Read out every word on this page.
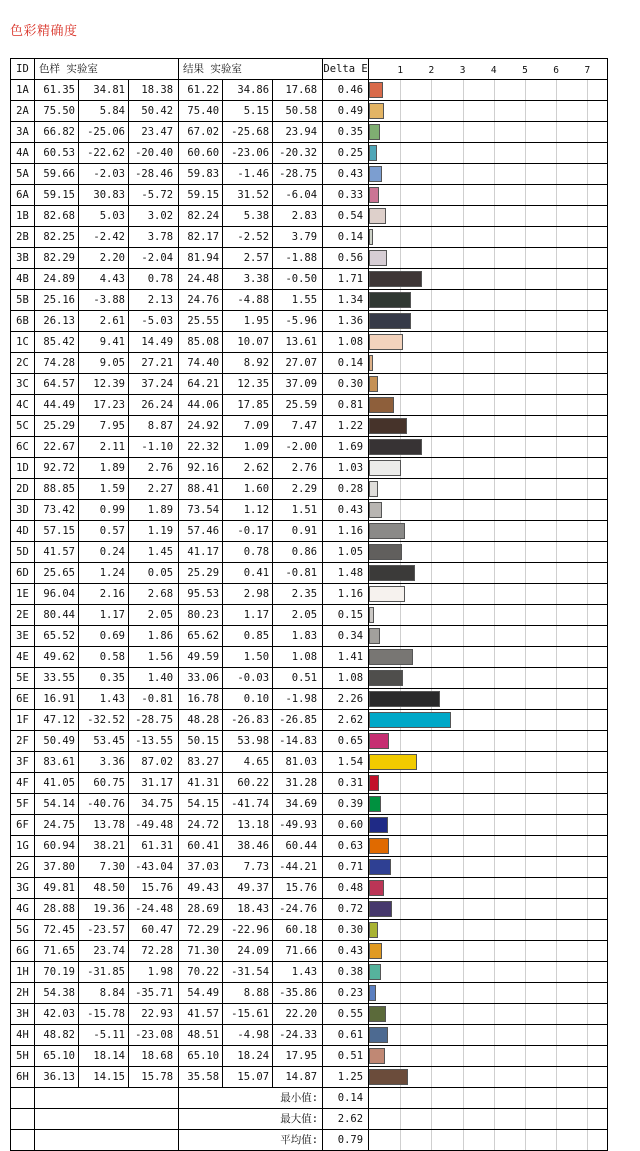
色彩精确度
ID	色样 实验室	结果 实验室	Delta E	1	2	3	4	5	6	7

1A	61.35	34.81	18.38	61.22	34.86	17.68	0.46	

2A	75.50	5.84	50.42	75.40	5.15	50.58	0.49	

3A	66.82	-25.06	23.47	67.02	-25.68	23.94	0.35	

4A	60.53	-22.62	-20.40	60.60	-23.06	-20.32	0.25	

5A	59.66	-2.03	-28.46	59.83	-1.46	-28.75	0.43	

6A	59.15	30.83	-5.72	59.15	31.52	-6.04	0.33	

1B	82.68	5.03	3.02	82.24	5.38	2.83	0.54	

2B	82.25	-2.42	3.78	82.17	-2.52	3.79	0.14	

3B	82.29	2.20	-2.04	81.94	2.57	-1.88	0.56	

4B	24.89	4.43	0.78	24.48	3.38	-0.50	1.71	

5B	25.16	-3.88	2.13	24.76	-4.88	1.55	1.34	

6B	26.13	2.61	-5.03	25.55	1.95	-5.96	1.36	

1C	85.42	9.41	14.49	85.08	10.07	13.61	1.08	

2C	74.28	9.05	27.21	74.40	8.92	27.07	0.14	

3C	64.57	12.39	37.24	64.21	12.35	37.09	0.30	

4C	44.49	17.23	26.24	44.06	17.85	25.59	0.81	

5C	25.29	7.95	8.87	24.92	7.09	7.47	1.22	

6C	22.67	2.11	-1.10	22.32	1.09	-2.00	1.69	

1D	92.72	1.89	2.76	92.16	2.62	2.76	1.03	

2D	88.85	1.59	2.27	88.41	1.60	2.29	0.28	

3D	73.42	0.99	1.89	73.54	1.12	1.51	0.43	

4D	57.15	0.57	1.19	57.46	-0.17	0.91	1.16	

5D	41.57	0.24	1.45	41.17	0.78	0.86	1.05	

6D	25.65	1.24	0.05	25.29	0.41	-0.81	1.48	

1E	96.04	2.16	2.68	95.53	2.98	2.35	1.16	

2E	80.44	1.17	2.05	80.23	1.17	2.05	0.15	

3E	65.52	0.69	1.86	65.62	0.85	1.83	0.34	

4E	49.62	0.58	1.56	49.59	1.50	1.08	1.41	

5E	33.55	0.35	1.40	33.06	-0.03	0.51	1.08	

6E	16.91	1.43	-0.81	16.78	0.10	-1.98	2.26	

1F	47.12	-32.52	-28.75	48.28	-26.83	-26.85	2.62	

2F	50.49	53.45	-13.55	50.15	53.98	-14.83	0.65	

3F	83.61	3.36	87.02	83.27	4.65	81.03	1.54	

4F	41.05	60.75	31.17	41.31	60.22	31.28	0.31	

5F	54.14	-40.76	34.75	54.15	-41.74	34.69	0.39	

6F	24.75	13.78	-49.48	24.72	13.18	-49.93	0.60	

1G	60.94	38.21	61.31	60.41	38.46	60.44	0.63	

2G	37.80	7.30	-43.04	37.03	7.73	-44.21	0.71	

3G	49.81	48.50	15.76	49.43	49.37	15.76	0.48	

4G	28.88	19.36	-24.48	28.69	18.43	-24.76	0.72	

5G	72.45	-23.57	60.47	72.29	-22.96	60.18	0.30	

6G	71.65	23.74	72.28	71.30	24.09	71.66	0.43	

1H	70.19	-31.85	1.98	70.22	-31.54	1.43	0.38	

2H	54.38	8.84	-35.71	54.49	8.88	-35.86	0.23	

3H	42.03	-15.78	22.93	41.57	-15.61	22.20	0.55	

4H	48.82	-5.11	-23.08	48.51	-4.98	-24.33	0.61	

5H	65.10	18.14	18.68	65.10	18.24	17.95	0.51	

6H	36.13	14.15	15.78	35.58	15.07	14.87	1.25	

				最小值:			0.14	

				最大值:			2.62	

				平均值:			0.79	
